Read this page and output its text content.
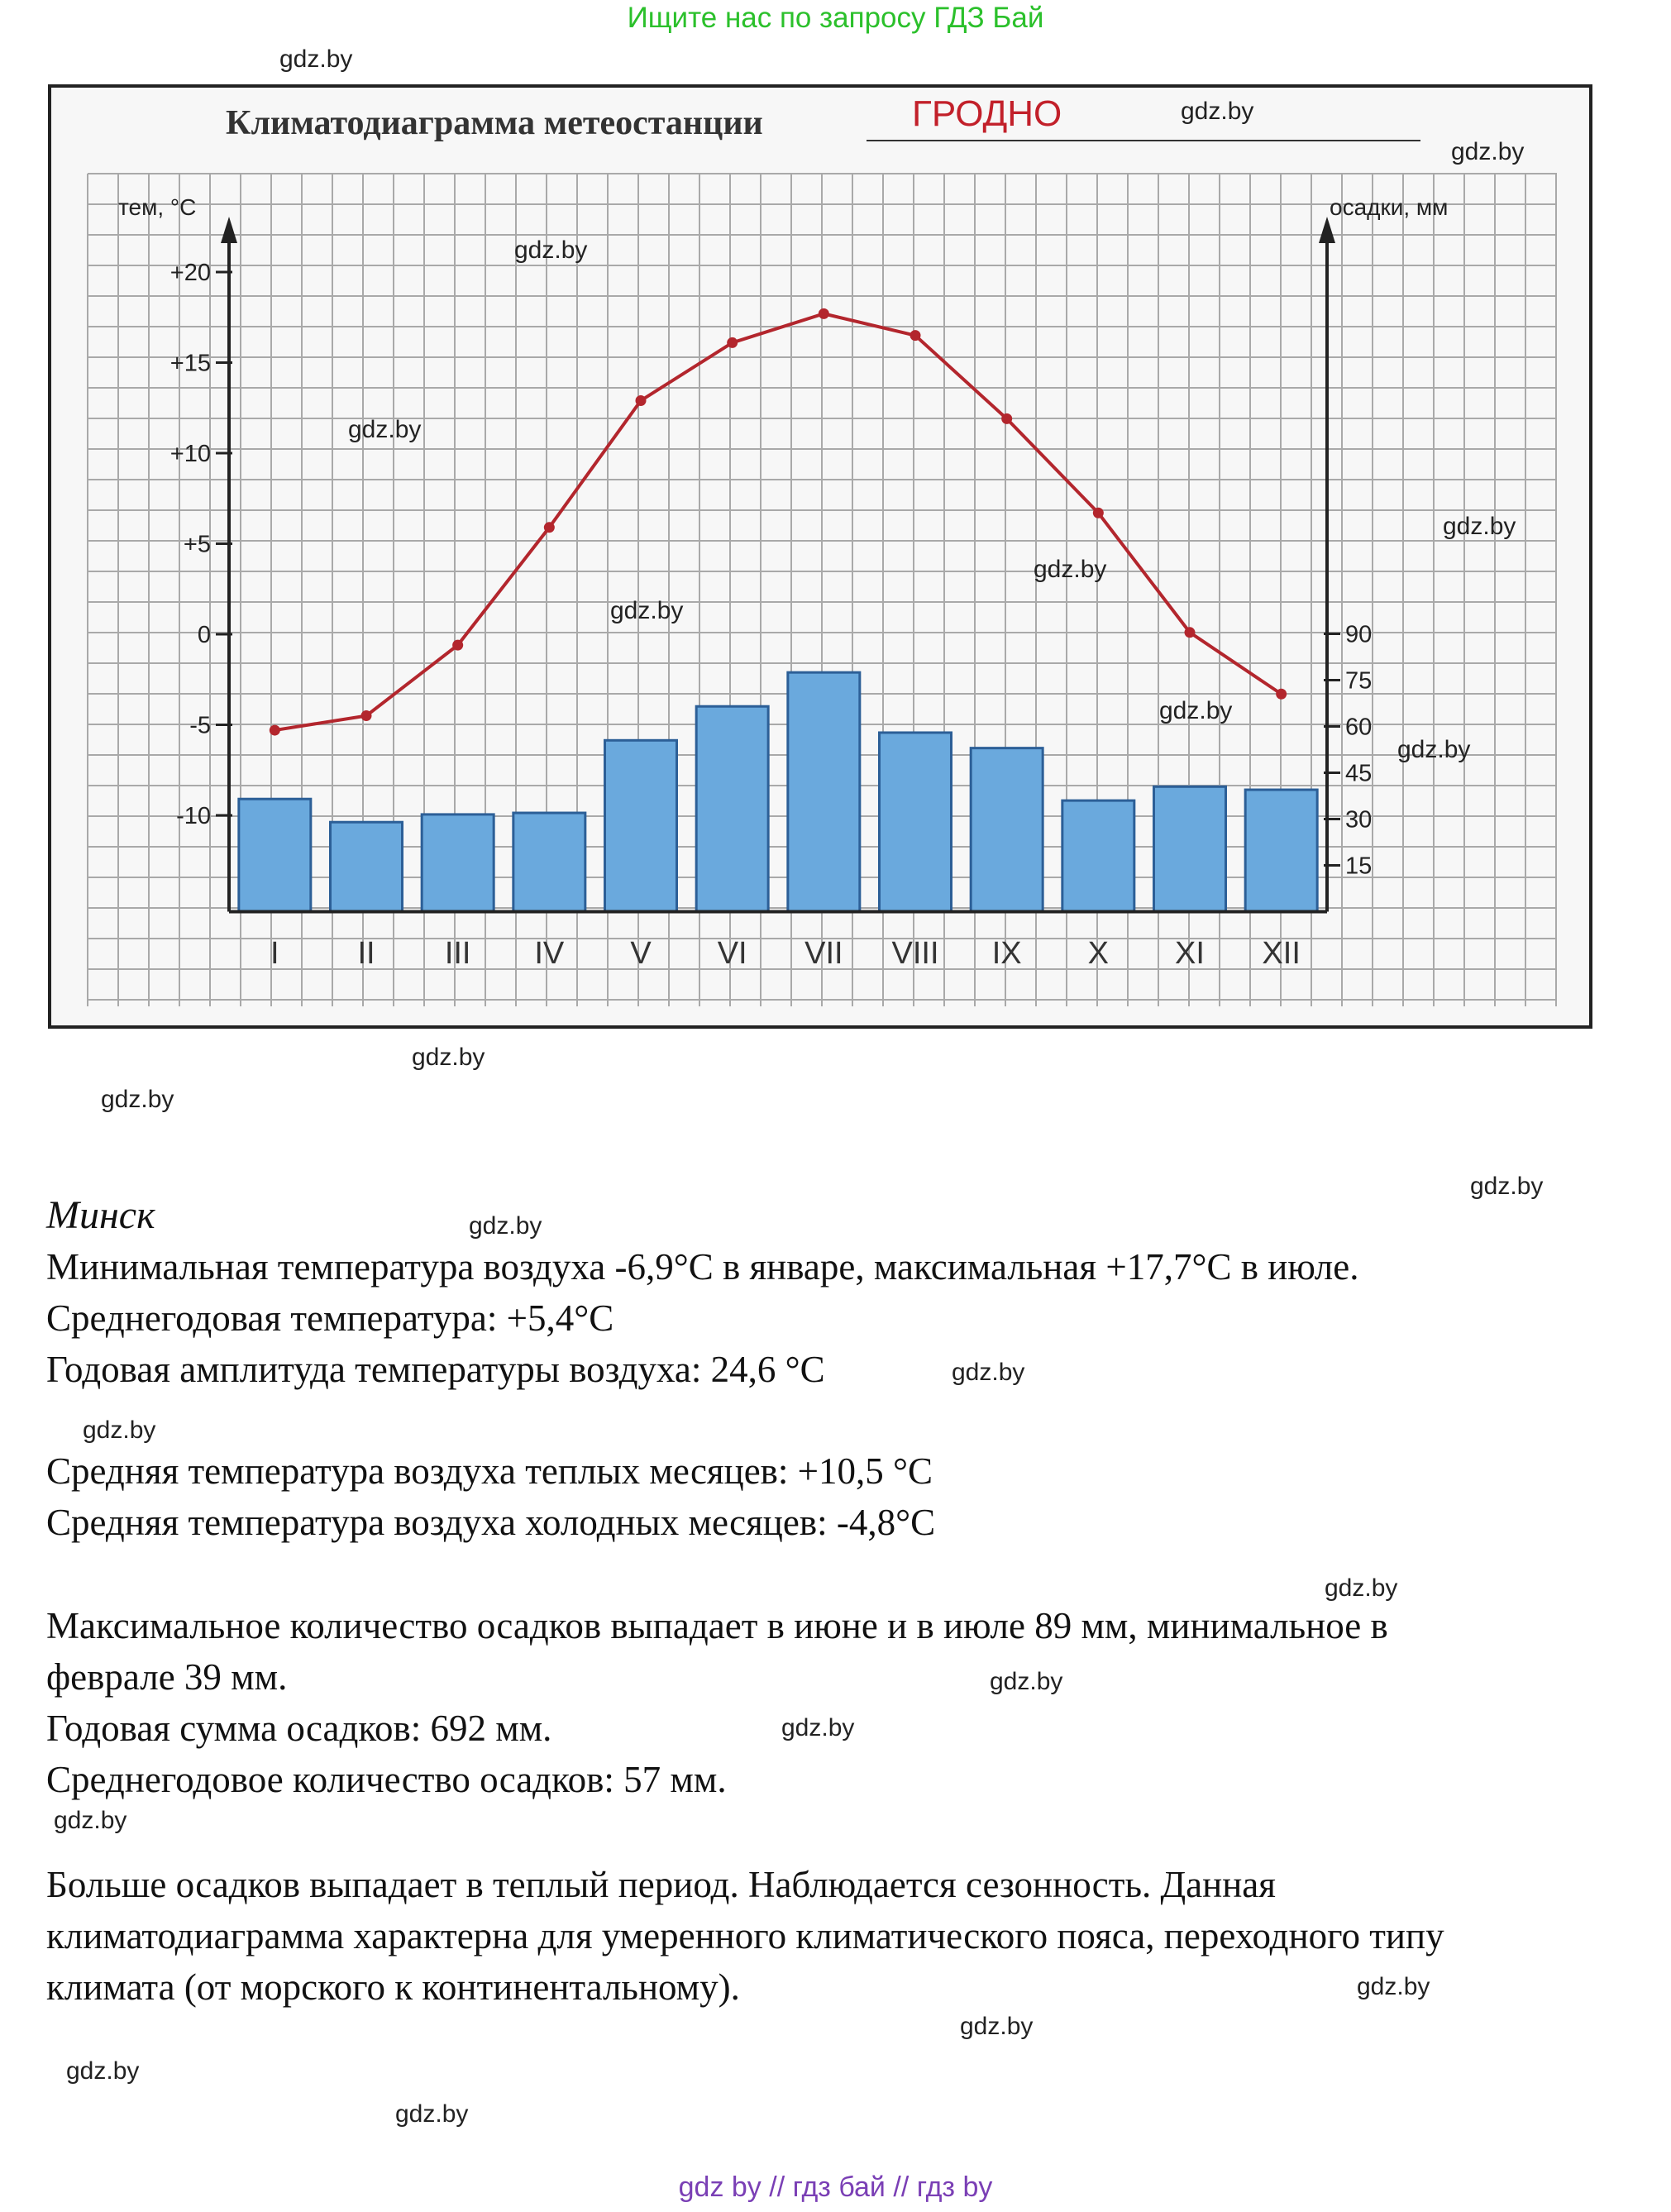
Ищите нас по запросу ГДЗ Бай
Климатодиаграмма метеостанции	ГРОДНО
тем, °С	осадки, мм
+20
+15
+10
+5
0
-5
-10
90
75
60
45
30
15
I II III IV V VI VII VIII IX X XI XII
gdz.by
gdz.by
gdz.by
gdz.by
gdz.by
gdz.by
gdz.by
gdz.by
gdz.by
gdz.by
gdz.by
gdz.by
gdz.by
gdz.by
gdz.by
gdz.by
gdz.by
gdz.by
gdz.by
gdz.by
gdz.by
gdz.by
gdz.by
gdz.by
Минск
Минимальная температура воздуха -6,9°С в январе, максимальная +17,7°С в июле.
Среднегодовая температура: +5,4°С
Годовая амплитуда температуры воздуха: 24,6 °С
Средняя температура воздуха теплых месяцев: +10,5 °С
Средняя температура воздуха холодных месяцев: -4,8°С
Максимальное количество осадков выпадает в июне и в июле 89 мм, минимальное в
феврале 39 мм.
Годовая сумма осадков: 692 мм.
Среднегодовое количество осадков: 57 мм.
Больше осадков выпадает в теплый период. Наблюдается сезонность. Данная
климатодиаграмма характерна для умеренного климатического пояса, переходного типу
климата (от морского к континентальному).
gdz by // гдз бай // гдз by
